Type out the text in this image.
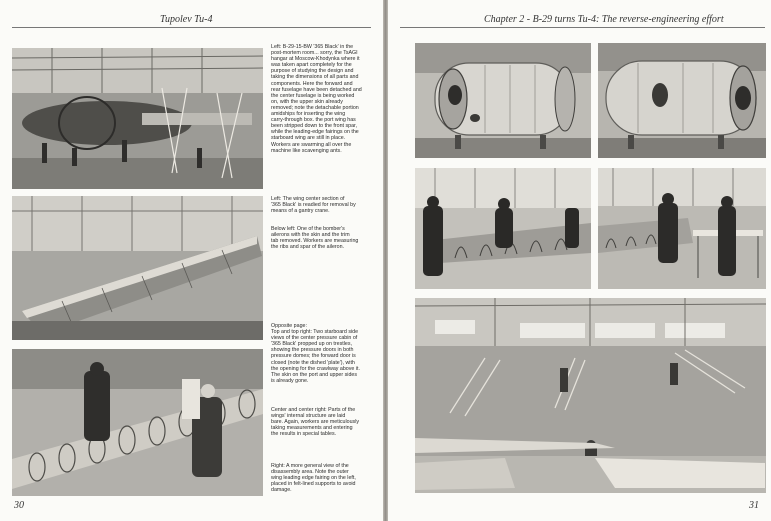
Tupolev Tu-4
Left: B-29-15-BW '365 Black' in the
post-mortem room... sorry, the TsAGI
hangar at Moscow-Khodynka where it
was taken apart completely for the
purpose of studying the design and
taking the dimensions of all parts and
components. Here the forward and
rear fuselage have been detached and
the center fuselage is being worked
on, with the upper skin already
removed; note the detachable portion
amidships for inserting the wing
carry-through box. the port wing has
been stripped down to the front spar,
while the leading-edge fairings on the
starboard wing are still in place.
Workers are swarming all over the
machine like scavenging ants.
Left: The wing center section of
'365 Black' is readied for removal by
means of a gantry crane.
Below left: One of the bomber's
ailerons with the skin and the trim
tab removed. Workers are measuring
the ribs and spar of the aileron.
Opposite page:
Top and top right: Two starboard side
views of the center pressure cabin of
'365 Black' propped up on trestles,
showing the pressure doors in both
pressure domes; the forward door is
closed (note the dished 'plate'), with
the opening for the crawlway above it.
The skin on the port and upper sides
is already gone.
Center and center right: Parts of the
wings' internal structure are laid
bare. Again, workers are meticulously
taking measurements and entering
the results in special tables.
Right: A more general view of the
disassembly area. Note the outer
wing leading edge fairing on the left,
placed in felt-lined supports to avoid
damage.
30
Chapter 2 - B-29 turns Tu-4: The reverse-engineering effort
31
